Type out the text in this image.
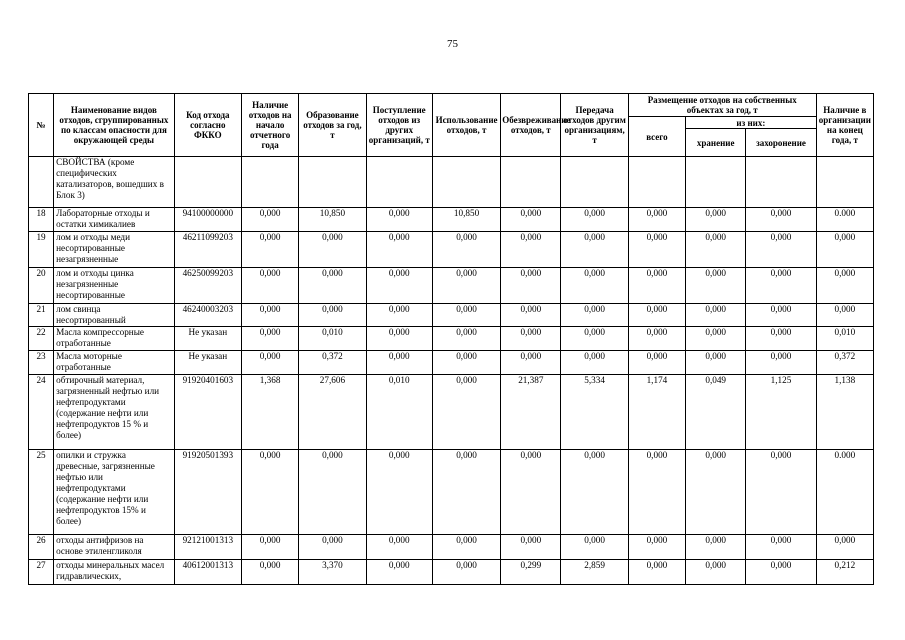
75
№	Наименование видов отходов, сгруппированных по классам опасности для окружающей среды	Код отхода согласно ФККО	Наличие отходов на начало отчетного года	Образование отходов за год, т	Поступление отходов из других организаций, т	Использование отходов, т	Обезвреживание отходов, т	Передача отходов другим организациям, т	Размещение отходов на собственных объектах за год, т			Наличие в организации на конец года, т
									всего	из них:		
										хранение	захоронение	
	СВОЙСТВА (кроме специфических катализаторов, вошедших в Блок 3)											
18	Лабораторные отходы и остатки химикалиев	94100000000	0,000	10,850	0,000	10,850	0,000	0,000	0,000	0,000	0,000	0.000
19	лом и отходы меди несортированные незагрязненные	46211099203	0,000	0,000	0,000	0,000	0,000	0,000	0,000	0,000	0,000	0,000
20	лом и отходы цинка незагрязненные несортированные	46250099203	0,000	0,000	0,000	0,000	0,000	0,000	0,000	0,000	0,000	0,000
21	лом свинца несортированный	46240003203	0,000	0,000	0,000	0,000	0,000	0,000	0,000	0,000	0,000	0,000
22	Масла компрессорные отработанные	Не указан	0,000	0,010	0,000	0,000	0,000	0,000	0,000	0,000	0,000	0,010
23	Масла моторные отработанные	Не указан	0,000	0,372	0,000	0,000	0,000	0,000	0,000	0,000	0,000	0,372
24	обтирочный материал, загрязненный нефтью или нефтепродуктами (содержание нефти или нефтепродуктов 15 % и более)	91920401603	1,368	27,606	0,010	0,000	21,387	5,334	1,174	0,049	1,125	1,138
25	опилки и стружка древесные, загрязненные нефтью или нефтепродуктами (содержание нефти или нефтепродуктов 15% и более)	91920501393	0,000	0,000	0,000	0,000	0,000	0,000	0,000	0,000	0,000	0.000
26	отходы антифризов на основе этиленгликоля	92121001313	0,000	0,000	0,000	0,000	0,000	0,000	0,000	0,000	0,000	0,000
27	отходы минеральных масел гидравлических,	40612001313	0,000	3,370	0,000	0,000	0,299	2,859	0,000	0,000	0,000	0,212
